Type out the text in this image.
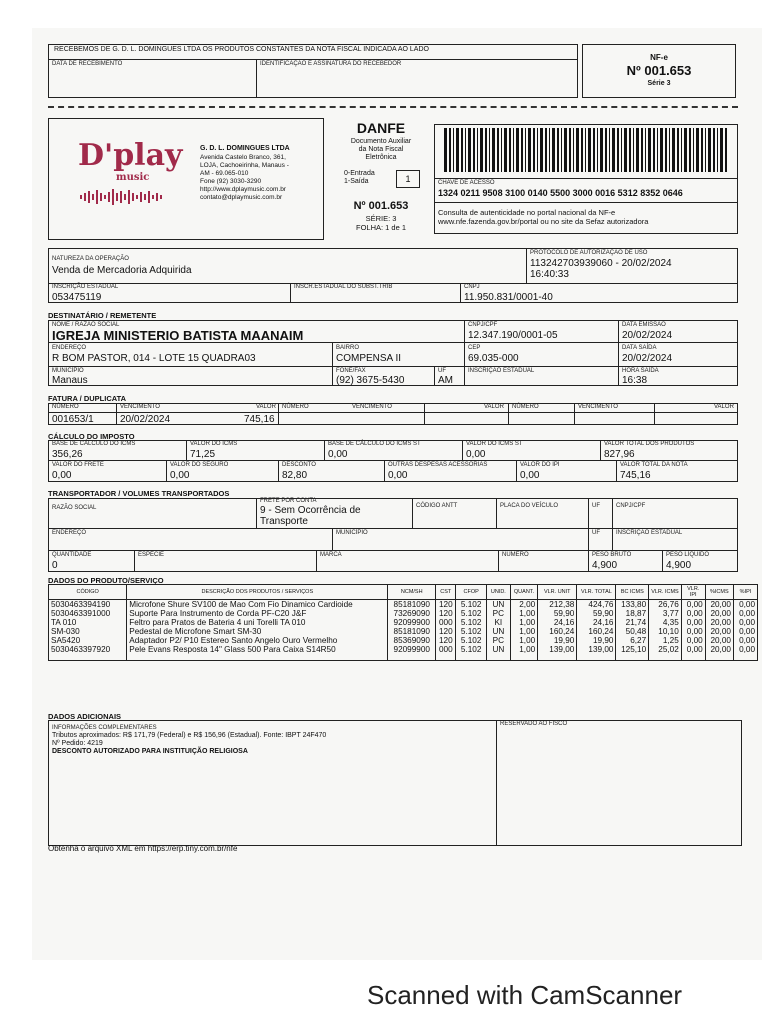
RECEBEMOS DE G. D. L. DOMINGUES LTDA OS PRODUTOS CONSTANTES DA NOTA FISCAL INDICADA AO LADO
DATA DE RECEBIMENTO	IDENTIFICAÇÃO E ASSINATURA DO RECEBEDOR
NF-e
Nº 001.653
Série 3
D'play
music
G. D. L. DOMINGUES LTDA
Avenida Castelo Branco, 361,
LOJA, Cachoeirinha, Manaus -
AM - 69.065-010
Fone (92) 3030-3290
http://www.dplaymusic.com.br
contato@dplaymusic.com.br
DANFE
Documento Auxiliar
da Nota Fiscal
Eletrônica
0-Entrada
1-Saída	1
Nº 001.653
SÉRIE: 3
FOLHA: 1 de 1
CHAVE DE ACESSO
1324 0211 9508 3100 0140 5500 3000 0016 5312 8352 0646
Consulta de autenticidade no portal nacional da NF-e
www.nfe.fazenda.gov.br/portal ou no site da Sefaz autorizadora
NATUREZA DA OPERAÇÃO
Venda de Mercadoria Adquirida
PROTOCOLO DE AUTORIZAÇÃO DE USO
113242703939060 - 20/02/2024
16:40:33
INSCRIÇÃO ESTADUAL
053475119
INSCR.ESTADUAL DO SUBST.TRIB	CNPJ
11.950.831/0001-40
DESTINATÁRIO / REMETENTE
NOME / RAZÃO SOCIAL
IGREJA MINISTERIO BATISTA MAANAIM
CNPJ/CPF
12.347.190/0001-05
DATA EMISSÃO
20/02/2024
ENDEREÇO
R BOM PASTOR, 014 - LOTE 15 QUADRA03
BAIRRO
COMPENSA II
CEP
69.035-000
DATA SAÍDA
20/02/2024
MUNICÍPIO
Manaus
FONE/FAX
(92) 3675-5430
UF
AM
INSCRIÇÃO ESTADUAL	HORA SAÍDA
16:38
FATURA / DUPLICATA
NÚMERO	VENCIMENTO	VALOR NÚMERO	VENCIMENTO	VALOR NÚMERO	VENCIMENTO	VALOR
001653/1	20/02/2024	745,16
CÁLCULO DO IMPOSTO
BASE DE CÁLCULO DO ICMS
356,26
VALOR DO ICMS
71,25
BASE DE CÁLCULO DO ICMS ST
0,00
VALOR DO ICMS ST
0,00
VALOR TOTAL DOS PRODUTOS
827,96
VALOR DO FRETE
0,00
VALOR DO SEGURO
0,00
DESCONTO
82,80
OUTRAS DESPESAS ACESSÓRIAS
0,00
VALOR DO IPI
0,00
VALOR TOTAL DA NOTA
745,16
TRANSPORTADOR / VOLUMES TRANSPORTADOS
RAZÃO SOCIAL
FRETE POR CONTA
9 - Sem Ocorrência de
Transporte
CÓDIGO ANTT	PLACA DO VEÍCULO	UF	CNPJ/CPF
ENDEREÇO	MUNICÍPIO	UF	INSCRIÇÃO ESTADUAL
QUANTIDADE
0
ESPÉCIE	MARCA	NÚMERO	PESO BRUTO
4,900
PESO LÍQUIDO
4,900
DADOS DO PRODUTO/SERVIÇO
CÓDIGO	DESCRIÇÃO DOS PRODUTOS / SERVIÇOS	NCM/SH	CST	CFOP	UNID.	QUANT.	VLR. UNIT	VLR. TOTAL	BC ICMS	VLR. ICMS	VLR. IPI	%ICMS	%IPI
5030463394190	Microfone Shure SV100 de Mao Com Fio Dinamico Cardioide	85181090	120	5.102	UN	2,00	212,38	424,76	133,80	26,76	0,00	20,00	0,00
5030463391000	Suporte Para Instrumento de Corda PF-C20 J&F	73269090	120	5.102	PC	1,00	59,90	59,90	18,87	3,77	0,00	20,00	0,00
TA 010	Feltro para Pratos de Bateria 4 uni Torelli TA 010	92099900	000	5.102	KI	1,00	24,16	24,16	21,74	4,35	0,00	20,00	0,00
SM-030	Pedestal de Microfone Smart SM-30	85181090	120	5.102	UN	1,00	160,24	160,24	50,48	10,10	0,00	20,00	0,00
SA5420	Adaptador P2/ P10 Estereo Santo Angelo Ouro Vermelho	85369090	120	5.102	PC	1,00	19,90	19,90	6,27	1,25	0,00	20,00	0,00
5030463397920	Pele Evans Resposta 14" Glass 500 Para Caixa S14R50	92099900	000	5.102	UN	1,00	139,00	139,00	125,10	25,02	0,00	20,00	0,00

DADOS ADICIONAIS
INFORMAÇÕES COMPLEMENTARES
Tributos aproximados: R$ 171,79 (Federal) e R$ 156,96 (Estadual). Fonte: IBPT 24F470
Nº Pedido: 4219
DESCONTO AUTORIZADO PARA INSTITUIÇÃO RELIGIOSA
RESERVADO AO FISCO
Obtenha o arquivo XML em https://erp.tiny.com.br/nfe
Scanned with CamScanner
